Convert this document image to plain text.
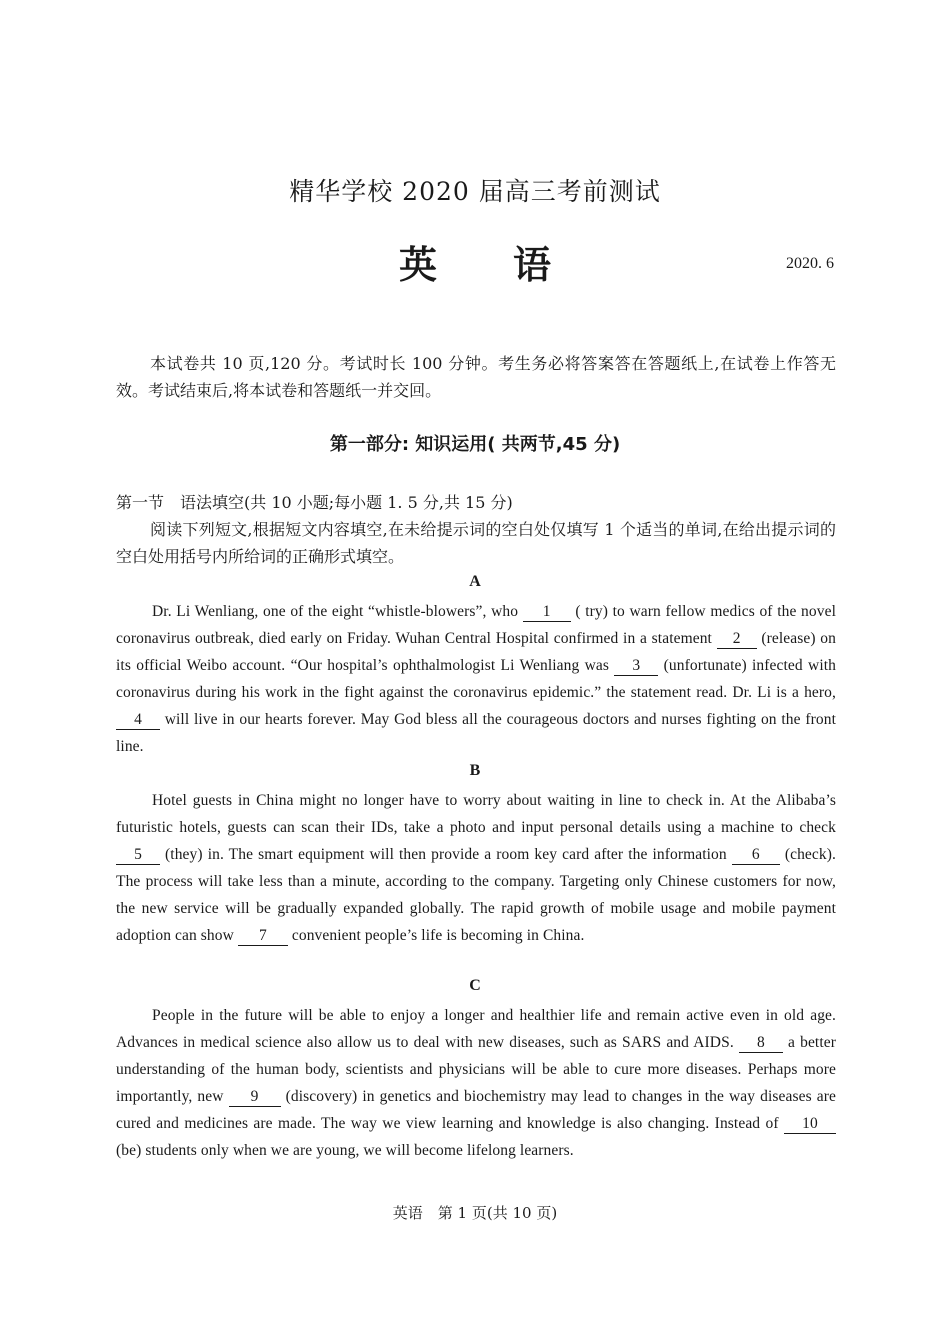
精华学校 2020 届高三考前测试
英　　语	2020. 6
本试卷共 10 页,120 分。考试时长 100 分钟。考生务必将答案答在答题纸上,在试卷上作答无效。考试结束后,将本试卷和答题纸一并交回。
第一部分: 知识运用( 共两节,45 分)
第一节　语法填空(共 10 小题;每小题 1. 5 分,共 15 分)
阅读下列短文,根据短文内容填空,在未给提示词的空白处仅填写 1 个适当的单词,在给出提示词的空白处用括号内所给词的正确形式填空。
A
Dr. Li Wenliang, one of the eight “whistle-blowers”, who 1 ( try) to warn fellow medics of the novel coronavirus outbreak, died early on Friday. Wuhan Central Hospital confirmed in a statement 2 (release) on its official Weibo account. “Our hospital’s ophthalmologist Li Wenliang was 3 (unfortunate) infected with coronavirus during his work in the fight against the coronavirus epidemic.” the statement read. Dr. Li is a hero, 4 will live in our hearts forever. May God bless all the courageous doctors and nurses fighting on the front line.
B
Hotel guests in China might no longer have to worry about waiting in line to check in. At the Alibaba’s futuristic hotels, guests can scan their IDs, take a photo and input personal details using a machine to check 5 (they) in. The smart equipment will then provide a room key card after the information 6 (check). The process will take less than a minute, according to the company. Targeting only Chinese customers for now, the new service will be gradually expanded globally. The rapid growth of mobile usage and mobile payment adoption can show 7 convenient people’s life is becoming in China.
C
People in the future will be able to enjoy a longer and healthier life and remain active even in old age. Advances in medical science also allow us to deal with new diseases, such as SARS and AIDS. 8 a better understanding of the human body, scientists and physicians will be able to cure more diseases. Perhaps more importantly, new 9 (discovery) in genetics and biochemistry may lead to changes in the way diseases are cured and medicines are made. The way we view learning and knowledge is also changing. Instead of 10 (be) students only when we are young, we will become lifelong learners.
英语　第 1 页(共 10 页)
